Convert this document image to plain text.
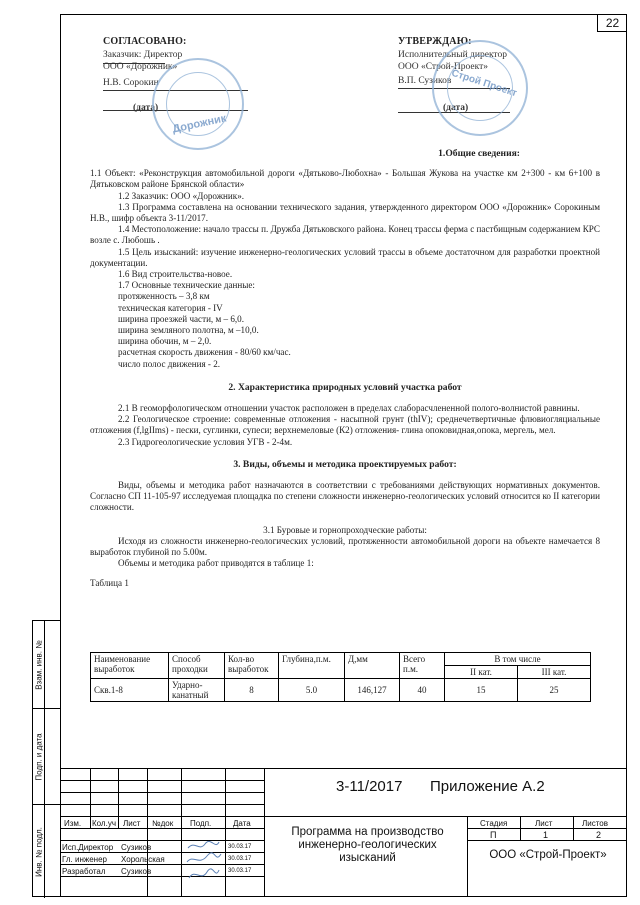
22
Взам. инв. №
Подп. и дата
Инв. № подл.
СОГЛАСОВАНО:
Заказчик: Директор
ООО «Дорожник»
Н.В. Сорокин
(дата)
Дорожник
УТВЕРЖДАЮ:
Исполнительный директор
ООО «Строй-Проект»
В.П. Сузиков
(дата)
Строй Проект
1.Общие сведения:
1.1 Объект: «Реконструкция автомобильной дороги «Дятьково-Любохна» - Большая Жукова на участке км 2+300 - км 6+100 в Дятьковском районе Брянской области»
1.2 Заказчик: ООО «Дорожник».
1.3 Программа составлена на основании технического задания, утвержденного директором ООО «Дорожник» Сорокиным Н.В., шифр объекта 3-11/2017.
1.4 Местоположение: начало трассы п. Дружба Дятьковского района. Конец трассы ферма с пастбищным содержанием КРС возле с. Любошь .
1.5 Цель изысканий: изучение инженерно-геологических условий трассы в объеме достаточном для разработки проектной документации.
1.6 Вид строительства-новое.
1.7 Основные технические данные:
протяженность – 3,8 км
техническая категория - IV
ширина проезжей части, м – 6,0.
ширина земляного полотна, м –10,0.
ширина обочин, м – 2,0.
расчетная скорость движения - 80/60 км/час.
число полос движения - 2.
2. Характеристика природных условий участка работ
2.1 В геоморфологическом отношении участок расположен в пределах слаборасчлененной полого-волнистой равнины.
2.2 Геологическое строение: современные отложения - насыпной грунт (thIV); среднечетвертичные флювиогляциальные отложения (f,lgIIms) - пески, суглинки, супеси; верхнемеловые (К2) отложения- глина опоковидная,опока, мергель, мел.
2.3 Гидрогеологические условия УГВ - 2-4м.
3. Виды, объемы и методика проектируемых работ:
Виды, объемы и методика работ назначаются в соответствии с требованиями действующих нормативных документов. Согласно СП 11-105-97 исследуемая площадка по степени сложности инженерно-геологических условий относится ко II категории сложности.
3.1 Буровые и горнопроходческие работы:
Исходя из сложности инженерно-геологических условий, протяженности автомобильной дороги на объекте намечается 8 выработок глубиной по 5.00м.
Объемы и методика работ приводятся в таблице 1:
Таблица 1
Наименование выработок	Способ проходки	Кол-во выработок	Глубина,п.м.	Д,мм	Всего п.м.	В том числе	
						II кат.	III кат.
Скв.1-8	Ударно-канатный	8	5.0	146,127	40	15	25
3-11/2017 Приложение А.2
Изм. Кол.уч Лист №док Подп.	Дата
Исп.Директор Сузиков	30.03.17
Гл. инженер Хорольская	30.03.17
Разработал Сузиков	30.03.17
Программа на производство инженерно-геологических изысканий
Стадия	Лист	Листов
П	1	2
ООО «Строй-Проект»
